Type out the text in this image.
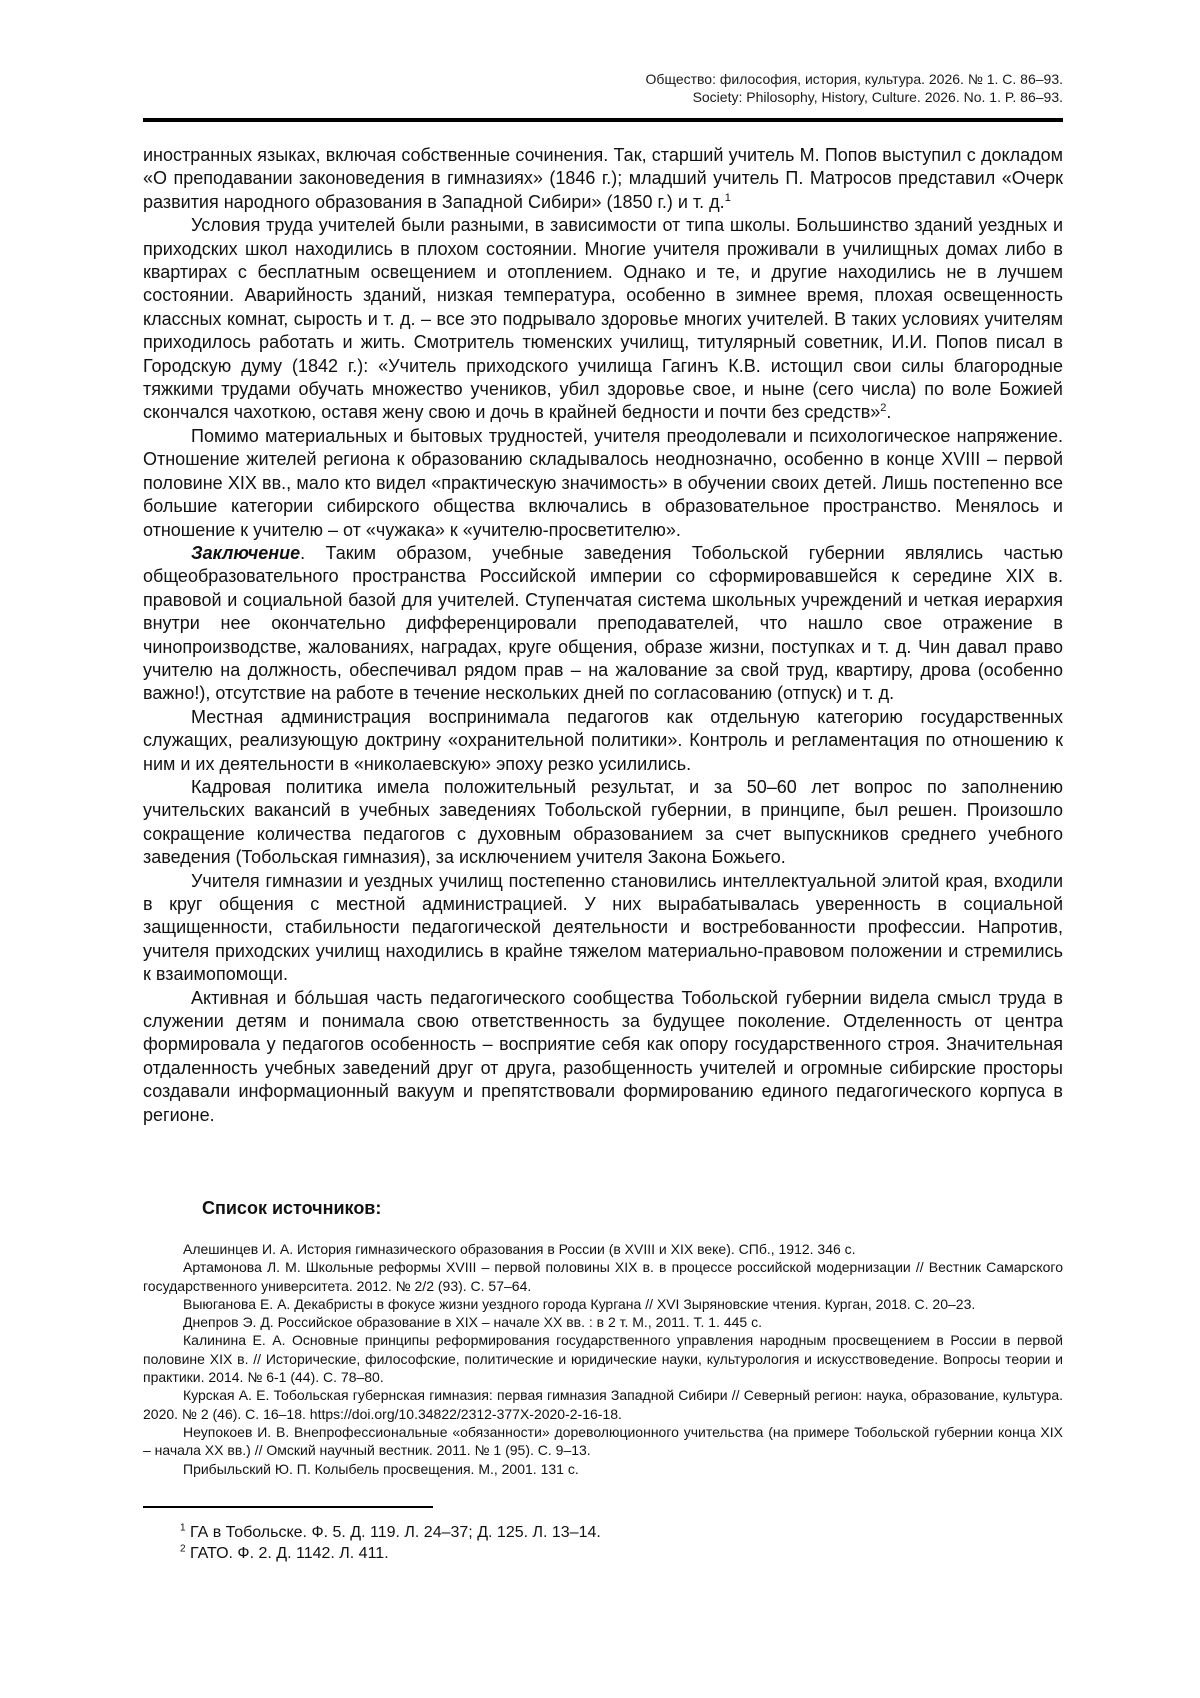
Общество: философия, история, культура. 2026. № 1. С. 86–93.
Society: Philosophy, History, Culture. 2026. No. 1. P. 86–93.

иностранных языках, включая собственные сочинения. Так, старший учитель М. Попов выступил с докладом «О преподавании законоведения в гимназиях» (1846 г.); младший учитель П. Матросов представил «Очерк развития народного образования в Западной Сибири» (1850 г.) и т. д.$^1$

Условия труда учителей были разными, в зависимости от типа школы. Большинство зданий уездных и приходских школ находились в плохом состоянии. Многие учителя проживали в училищных домах либо в квартирах с бесплатным освещением и отоплением. Однако и те, и другие находились не в лучшем состоянии. Аварийность зданий, низкая температура, особенно в зимнее время, плохая освещенность классных комнат, сырость и т. д. – все это подрывало здоровье многих учителей. В таких условиях учителям приходилось работать и жить. Смотритель тюменских училищ, титулярный советник, И.И. Попов писал в Городскую думу (1842 г.): «Учитель приходского училища Гагинъ К.В. истощил свои силы благородные тяжкими трудами обучать множество учеников, убил здоровье свое, и ныне (сего числа) по воле Божией скончался чахоткою, оставя жену свою и дочь в крайней бедности и почти без средств»$^2$.

Помимо материальных и бытовых трудностей, учителя преодолевали и психологическое напряжение. Отношение жителей региона к образованию складывалось неоднозначно, особенно в конце XVIII – первой половине XIX вв., мало кто видел «практическую значимость» в обучении своих детей. Лишь постепенно все большие категории сибирского общества включались в образовательное пространство. Менялось и отношение к учителю – от «чужака» к «учителю-просветителю».

Заключение. Таким образом, учебные заведения Тобольской губернии являлись частью общеобразовательного пространства Российской империи со сформировавшейся к середине XIX в. правовой и социальной базой для учителей. Ступенчатая система школьных учреждений и четкая иерархия внутри нее окончательно дифференцировали преподавателей, что нашло свое отражение в чинопроизводстве, жалованиях, наградах, круге общения, образе жизни, поступках и т. д. Чин давал право учителю на должность, обеспечивал рядом прав – на жалование за свой труд, квартиру, дрова (особенно важно!), отсутствие на работе в течение нескольких дней по согласованию (отпуск) и т. д.

Местная администрация воспринимала педагогов как отдельную категорию государственных служащих, реализующую доктрину «охранительной политики». Контроль и регламентация по отношению к ним и их деятельности в «николаевскую» эпоху резко усилились.

Кадровая политика имела положительный результат, и за 50–60 лет вопрос по заполнению учительских вакансий в учебных заведениях Тобольской губернии, в принципе, был решен. Произошло сокращение количества педагогов с духовным образованием за счет выпускников среднего учебного заведения (Тобольская гимназия), за исключением учителя Закона Божьего.

Учителя гимназии и уездных училищ постепенно становились интеллектуальной элитой края, входили в круг общения с местной администрацией. У них вырабатывалась уверенность в социальной защищенности, стабильности педагогической деятельности и востребованности профессии. Напротив, учителя приходских училищ находились в крайне тяжелом материально-правовом положении и стремились к взаимопомощи.

Активная и бóльшая часть педагогического сообщества Тобольской губернии видела смысл труда в служении детям и понимала свою ответственность за будущее поколение. Отделенность от центра формировала у педагогов особенность – восприятие себя как опору государственного строя. Значительная отдаленность учебных заведений друг от друга, разобщенность учителей и огромные сибирские просторы создавали информационный вакуум и препятствовали формированию единого педагогического корпуса в регионе.

Список источников:

Алешинцев И. А. История гимназического образования в России (в XVIII и XIX веке). СПб., 1912. 346 с.

Артамонова Л. М. Школьные реформы XVIII – первой половины XIX в. в процессе российской модернизации // Вестник Самарского государственного университета. 2012. № 2/2 (93). С. 57–64.

Выюганова Е. А. Декабристы в фокусе жизни уездного города Кургана // XVI Зыряновские чтения. Курган, 2018. С. 20–23.

Днепров Э. Д. Российское образование в XIX – начале XX вв. : в 2 т. М., 2011. Т. 1. 445 с.

Калинина Е. А. Основные принципы реформирования государственного управления народным просвещением в России в первой половине XIX в. // Исторические, философские, политические и юридические науки, культурология и искусствоведение. Вопросы теории и практики. 2014. № 6-1 (44). С. 78–80.

Курская А. Е. Тобольская губернская гимназия: первая гимназия Западной Сибири // Северный регион: наука, образование, культура. 2020. № 2 (46). С. 16–18. https://doi.org/10.34822/2312-377X-2020-2-16-18.

Неупокоев И. В. Внепрофессиональные «обязанности» дореволюционного учительства (на примере Тобольской губернии конца XIX – начала XX вв.) // Омский научный вестник. 2011. № 1 (95). С. 9–13.

Прибыльский Ю. П. Колыбель просвещения. М., 2001. 131 с.

$^1$ ГА в Тобольске. Ф. 5. Д. 119. Л. 24–37; Д. 125. Л. 13–14.

$^2$ ГАТО. Ф. 2. Д. 1142. Л. 411.
